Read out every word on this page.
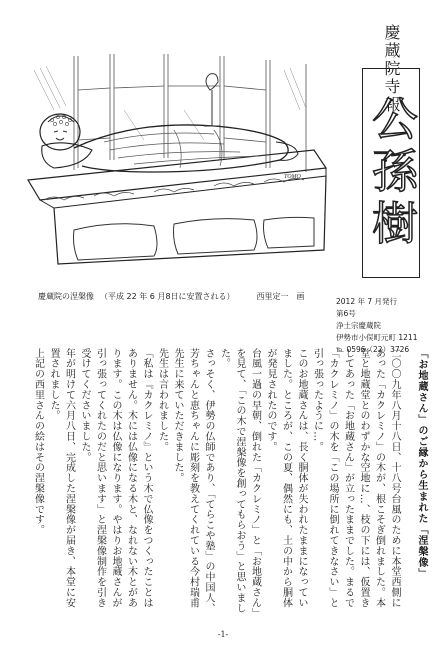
TOMO
慶蔵院の涅槃像 （平成 22 年 6 月8日に安置される）	西里定一　画
慶蔵院寺報
公孫樹
2012 年 7 月発行
第6号
浄土宗慶蔵院
伊勢市小俣町元町 1211
℡ 0596（22）3726 「お地蔵さん」のご縁から生まれた「涅槃像」

二〇〇九年八月十八日、十八号台風のために本堂西側にあった「カクレミノ」の木が、根こそぎ倒れました。本堂と地蔵堂とのわずかな空地に…、枝の下には、仮置きしてあった「お地蔵さん」が立ったままでした。まるで「カクレミノ」の木を「この場所に倒れてきなさい」と引っ張ったように…。

このお地蔵さんは、長く胴体が失われたままになっていました。ところが、この夏、偶然にも、土の中から胴体が発見されたのです。

台風一過の早朝、倒れた「カクレミノ」と「お地蔵さん」を見て、「この木で涅槃像を創ってもらおう」と思いました。

さっそく、伊勢の仏師であり、「てらこや塾」の中国人、芳ちゃんと恵ちゃんに彫刻を教えてくれている今村瑞甫先生に来ていただきました。

先生は言われました。

「私は『カクレミノ』という木で仏像をつくったことはありません。木には仏像になる木と、なれない木とがあります。この木は仏像になります。やはりお地蔵さんが引っ張ってくれたのだと思います」と涅槃像制作を引き受けてくださいました。

年が明けて六月八日、完成した涅槃像が届き、本堂に安置されました。

上記の西里さんの絵はその涅槃像です。

-1-
